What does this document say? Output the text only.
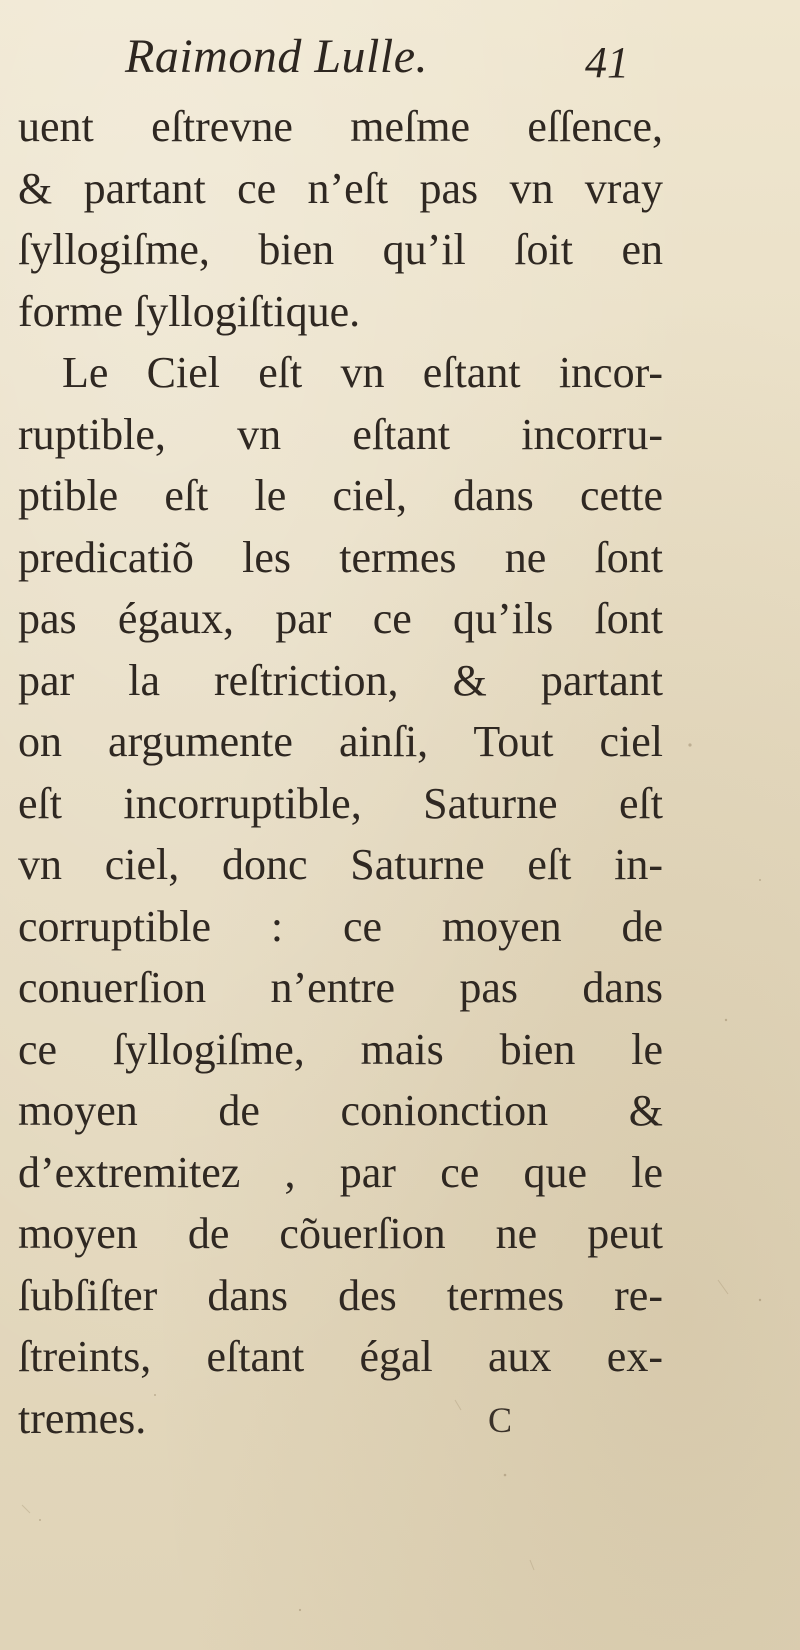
Raimond Lulle.	41
uent eſtrevne meſme eſſence,
& partant ce n’eſt pas vn vray
ſyllogiſme, bien qu’il ſoit en
forme ſyllogiſtique.
Le Ciel eſt vn eſtant incor-
ruptible, vn eſtant incorru-
ptible eſt le ciel, dans cette
predicatiõ les termes ne ſont
pas égaux, par ce qu’ils ſont
par la reſtriction, & partant
on argumente ainſi, Tout ciel
eſt incorruptible, Saturne eſt
vn ciel, donc Saturne eſt in-
corruptible : ce moyen de
conuerſion n’entre pas dans
ce ſyllogiſme, mais bien le
moyen de conionction &
d’extremitez , par ce que le
moyen de cõuerſion ne peut
ſubſiſter dans des termes re-
ſtreints, eſtant égal aux ex-
tremes.	C
